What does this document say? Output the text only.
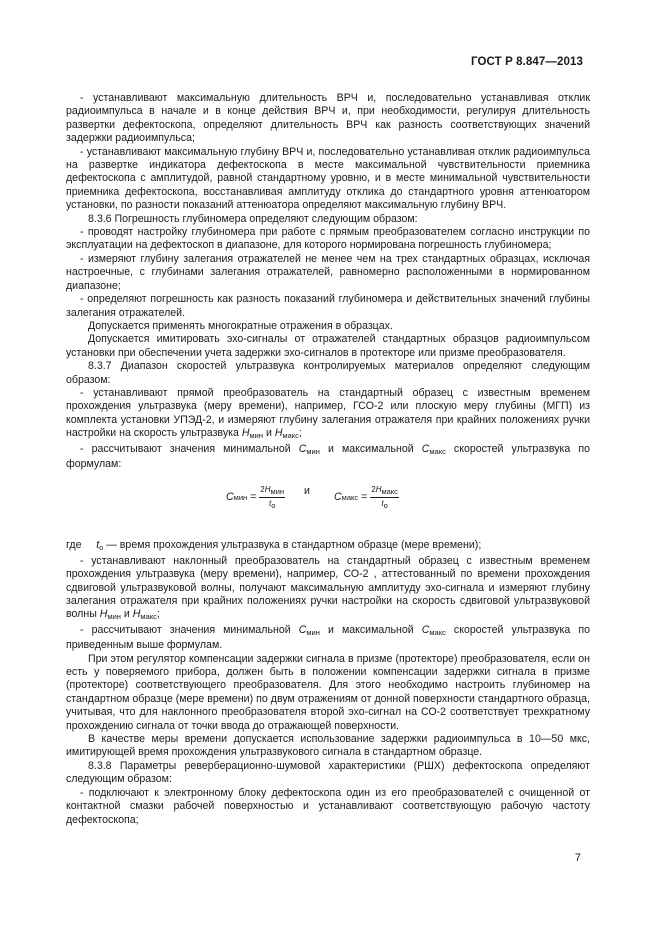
ГОСТ Р 8.847—2013

- устанавливают максимальную длительность ВРЧ и, последовательно устанавливая отклик радиоимпульса в начале и в конце действия ВРЧ и, при необходимости, регулируя длительность развертки дефектоскопа, определяют длительность ВРЧ как разность соответствующих значений задержки радиоимпульса;

- устанавливают максимальную глубину ВРЧ и, последовательно устанавливая отклик радиоимпульса на развертке индикатора дефектоскопа в месте максимальной чувствительности приемника дефектоскопа с амплитудой, равной стандартному уровню, и в месте минимальной чувствительности приемника дефектоскопа, восстанавливая амплитуду отклика до стандартного уровня аттенюатором установки, по разности показаний аттенюатора определяют максимальную глубину ВРЧ.

8.3.6 Погрешность глубиномера определяют следующим образом:

- проводят настройку глубиномера при работе с прямым преобразователем согласно инструкции по эксплуатации на дефектоскоп в диапазоне, для которого нормирована погрешность глубиномера;

- измеряют глубину залегания отражателей не менее чем на трех стандартных образцах, исключая настроечные, с глубинами залегания отражателей, равномерно расположенными в нормированном диапазоне;

- определяют погрешность как разность показаний глубиномера и действительных значений глубины залегания отражателей.

Допускается применять многократные отражения в образцах.

Допускается имитировать эхо-сигналы от отражателей стандартных образцов радиоимпульсом установки при обеспечении учета задержки эхо-сигналов в протекторе или призме преобразователя.

8.3.7 Диапазон скоростей ультразвука контролируемых материалов определяют следующим образом:

- устанавливают прямой преобразователь на стандартный образец с известным временем прохождения ультразвука (меру времени), например, ГСО-2 или плоскую меру глубины (МГП) из комплекта установки УПЭД-2, и измеряют глубину залегания отражателя при крайних положениях ручки настройки на скорость ультразвука $H_{мин}$ и $H_{макс}$;

- рассчитывают значения минимальной $C_{мин}$ и максимальной $C_{макс}$ скоростей ультразвука по формулам:

C мин
= $\frac{\text{2Hмин}}{tо}$ и C макс
= $\frac{\text{2Hмакс}}{tо}$

где $t_о$ — время прохождения ультразвука в стандартном образце (мере времени);

- устанавливают наклонный преобразователь на стандартный образец с известным временем прохождения ультразвука (меру времени), например, СО-2 , аттестованный по времени прохождения сдвиговой ультразвуковой волны, получают максимальную амплитуду эхо-сигнала и измеряют глубину залегания отражателя при крайних положениях ручки настройки на скорость сдвиговой ультразвуковой волны $H_{мин}$ и $H_{макс}$;

- рассчитывают значения минимальной $C_{мин}$ и максимальной $C_{макс}$ скоростей ультразвука по приведенным выше формулам.

При этом регулятор компенсации задержки сигнала в призме (протекторе) преобразователя, если он есть у поверяемого прибора, должен быть в положении компенсации задержки сигнала в призме (протекторе) соответствующего преобразователя. Для этого необходимо настроить глубиномер на стандартном образце (мере времени) по двум отражениям от донной поверхности стандартного образца, учитывая, что для наклонного преобразователя второй эхо-сигнал на СО-2 соответствует трехкратному прохождению сигнала от точки ввода до отражающей поверхности.

В качестве меры времени допускается использование задержки радиоимпульса в 10—50 мкс, имитирующей время прохождения ультразвукового сигнала в стандартном образце.

8.3.8 Параметры реверберационно-шумовой характеристики (РШХ) дефектоскопа определяют следующим образом:

- подключают к электронному блоку дефектоскопа один из его преобразователей с очищенной от контактной смазки рабочей поверхностью и устанавливают соответствующую рабочую частоту дефектоскопа;

7
